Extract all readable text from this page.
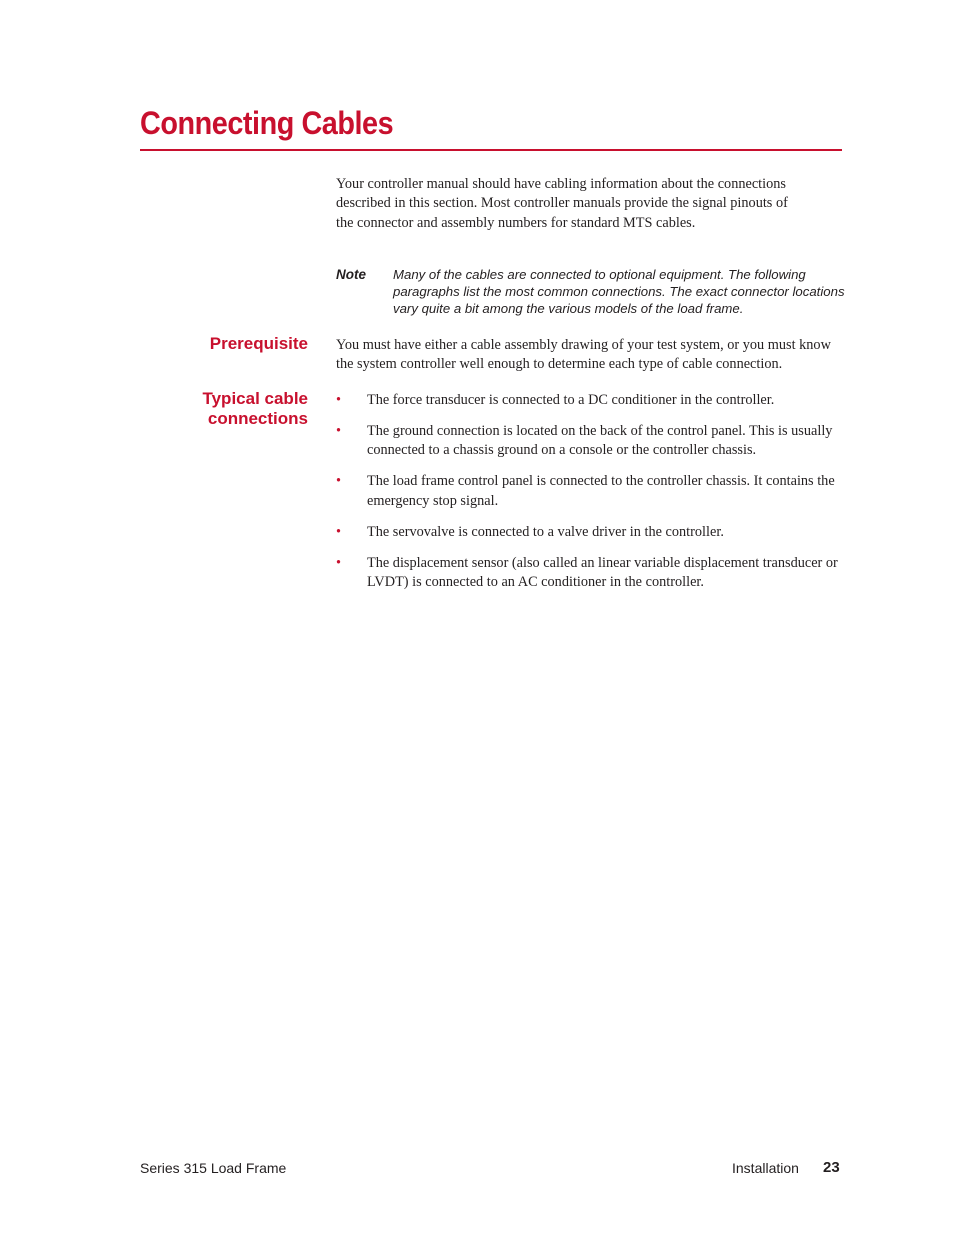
Connecting Cables

Your controller manual should have cabling information about the connections described in this section. Most controller manuals provide the signal pinouts of the connector and assembly numbers for standard MTS cables.

Note Many of the cables are connected to optional equipment. The following paragraphs list the most common connections. The exact connector locations vary quite a bit among the various models of the load frame.

Prerequisite You must have either a cable assembly drawing of your test system, or you must know the system controller well enough to determine each type of cable connection.

Typical cable
connections
• The force transducer is connected to a DC conditioner in the controller.
• The ground connection is located on the back of the control panel. This is usually connected to a chassis ground on a console or the controller chassis.
• The load frame control panel is connected to the controller chassis. It contains the emergency stop signal.
• The servovalve is connected to a valve driver in the controller.
• The displacement sensor (also called an linear variable displacement transducer or LVDT) is connected to an AC conditioner in the controller.
Series 315 Load Frame	Installation 23
